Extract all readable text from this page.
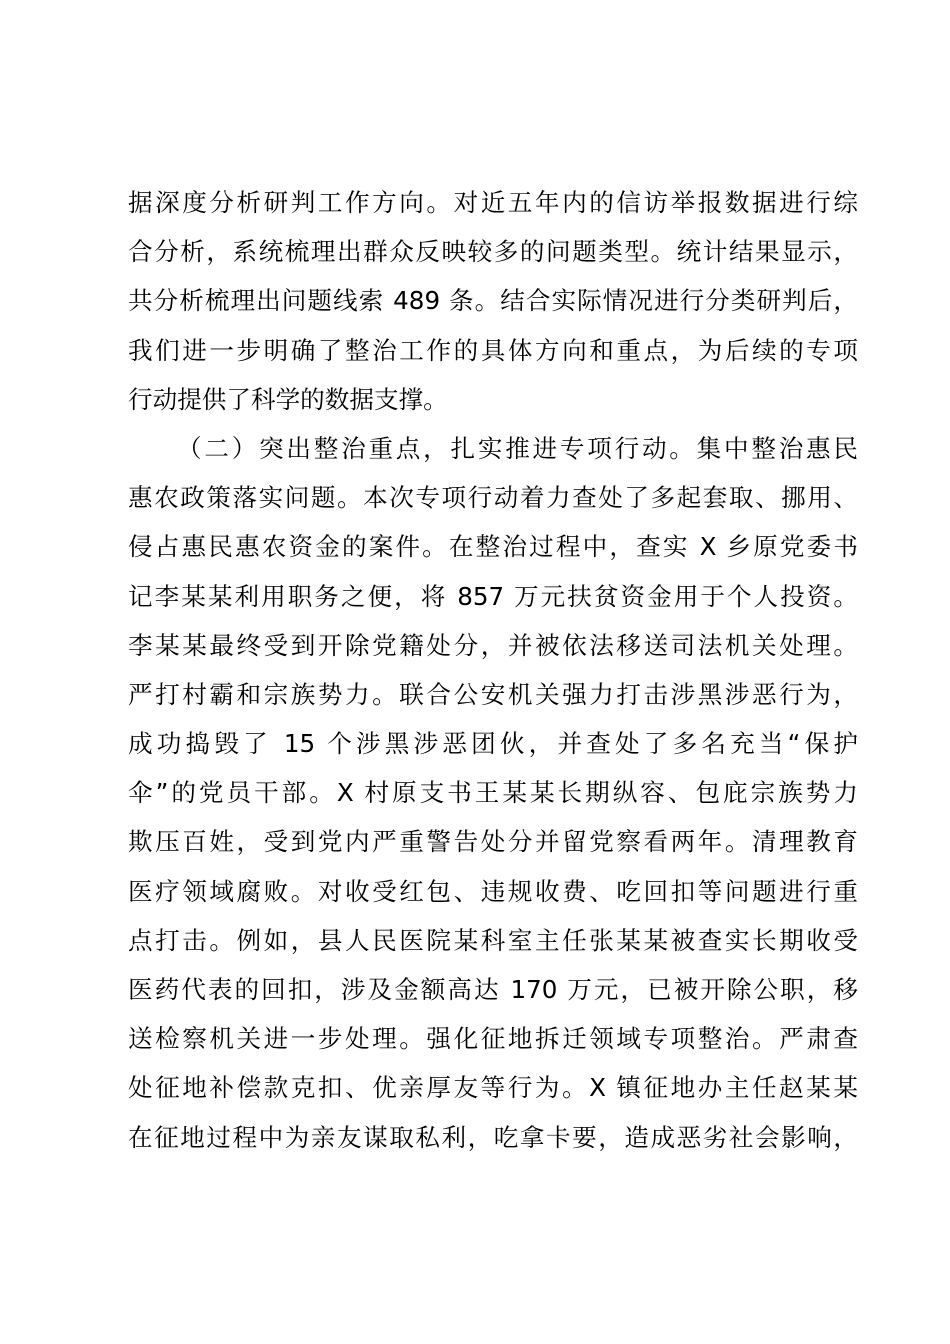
据深度分析研判工作方向。对近五年内的信访举报数据进行综
合分析，系统梳理出群众反映较多的问题类型。统计结果显示，
共分析梳理出问题线索 489 条。结合实际情况进行分类研判后，
我们进一步明确了整治工作的具体方向和重点，为后续的专项
行动提供了科学的数据支撑。
（二）突出整治重点，扎实推进专项行动。集中整治惠民
惠农政策落实问题。本次专项行动着力查处了多起套取、挪用、
侵占惠民惠农资金的案件。在整治过程中，查实 X 乡原党委书
记李某某利用职务之便，将 857 万元扶贫资金用于个人投资。
李某某最终受到开除党籍处分，并被依法移送司法机关处理。
严打村霸和宗族势力。联合公安机关强力打击涉黑涉恶行为，
成功捣毁了 15 个涉黑涉恶团伙，并查处了多名充当“保护
伞”的党员干部。X 村原支书王某某长期纵容、包庇宗族势力
欺压百姓，受到党内严重警告处分并留党察看两年。清理教育
医疗领域腐败。对收受红包、违规收费、吃回扣等问题进行重
点打击。例如，县人民医院某科室主任张某某被查实长期收受
医药代表的回扣，涉及金额高达 170 万元，已被开除公职，移
送检察机关进一步处理。强化征地拆迁领域专项整治。严肃查
处征地补偿款克扣、优亲厚友等行为。X 镇征地办主任赵某某
在征地过程中为亲友谋取私利，吃拿卡要，造成恶劣社会影响，
